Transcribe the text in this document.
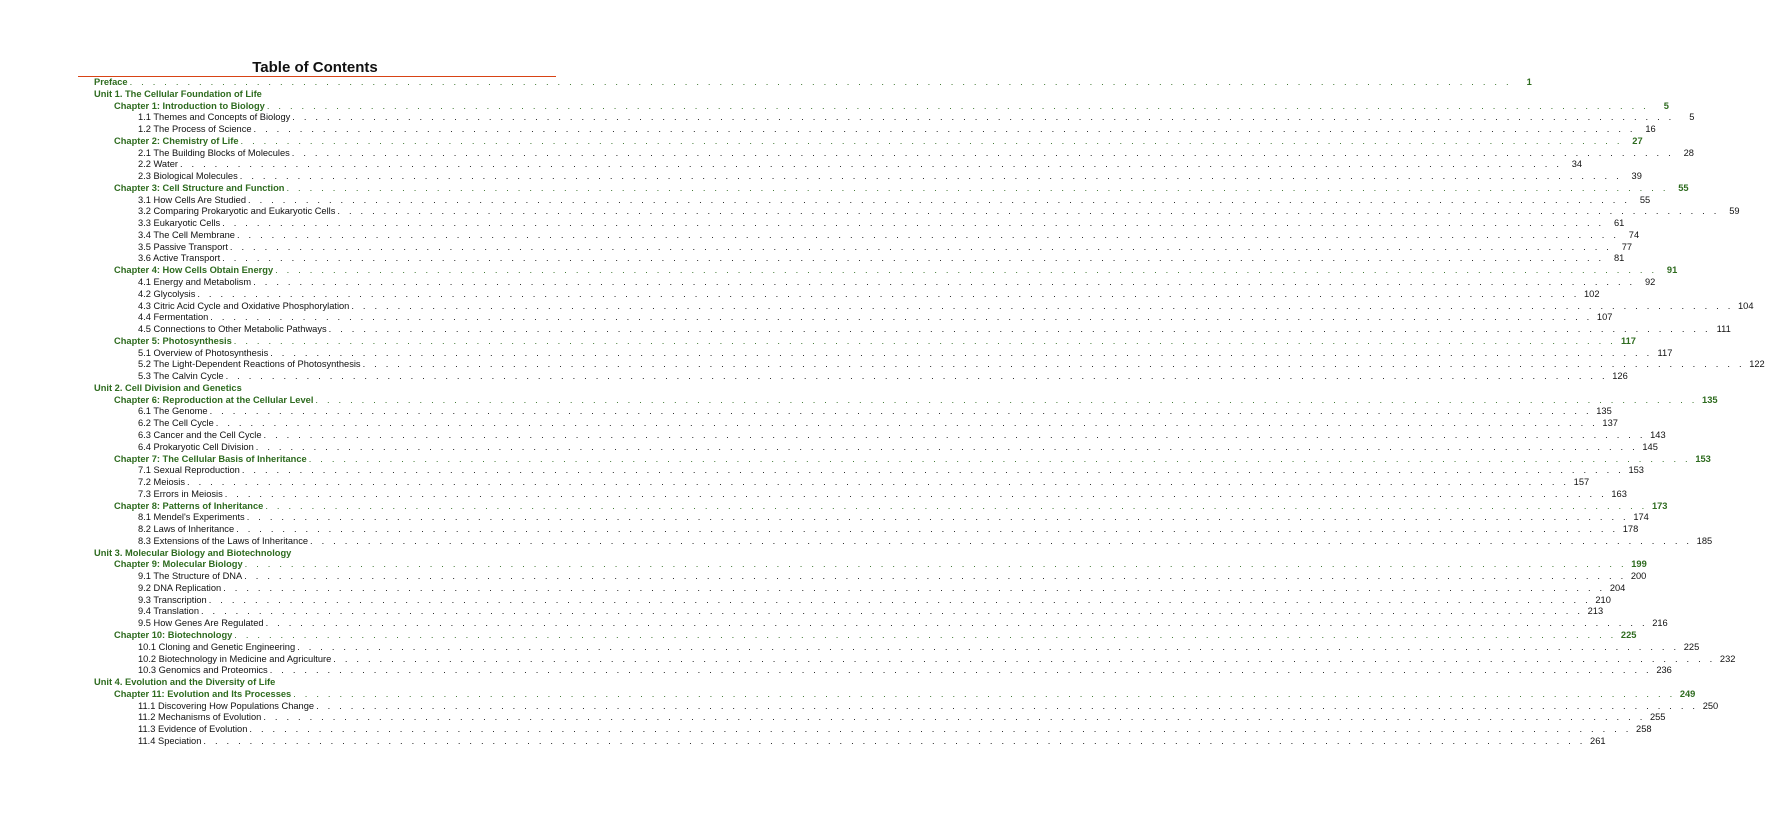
Table of Contents
Preface . . . . . . . . . . . . . . . . . . . . . . . . . . . . . . . . . . . . . . . . . . . . . . . . . . . . . . . . . . . . . . . . . . . . . . . . . . . . . . . . . . . . . . . . . . . . . . . . . . . . . . . . . . . . . . . . . . . . . . . .	1
Unit 1. The Cellular Foundation of Life
Chapter 1: Introduction to Biology . . . . . . . . . . . . . . . . . . . . . . . . . . . . . . . . . . . . . . . . . . . . . . . . . . . . . . . . . . . . . . . . . . . . . . . . . . . . . . . . . . . . . . . . . . . . . . . . . . . . . . . . . . . . . . . . . . . . . . . .	5
1.1 Themes and Concepts of Biology . . . . . . . . . . . . . . . . . . . . . . . . . . . . . . . . . . . . . . . . . . . . . . . . . . . . . . . . . . . . . . . . . . . . . . . . . . . . . . . . . . . . . . . . . . . . . . . . . . . . . . . . . . . . . . . . . . . . . . . .	5
1.2 The Process of Science . . . . . . . . . . . . . . . . . . . . . . . . . . . . . . . . . . . . . . . . . . . . . . . . . . . . . . . . . . . . . . . . . . . . . . . . . . . . . . . . . . . . . . . . . . . . . . . . . . . . . . . . . . . . . . . . . . . . . . . .	16
Chapter 2: Chemistry of Life . . . . . . . . . . . . . . . . . . . . . . . . . . . . . . . . . . . . . . . . . . . . . . . . . . . . . . . . . . . . . . . . . . . . . . . . . . . . . . . . . . . . . . . . . . . . . . . . . . . . . . . . . . . . . . . . . . . . . . . .	27
2.1 The Building Blocks of Molecules . . . . . . . . . . . . . . . . . . . . . . . . . . . . . . . . . . . . . . . . . . . . . . . . . . . . . . . . . . . . . . . . . . . . . . . . . . . . . . . . . . . . . . . . . . . . . . . . . . . . . . . . . . . . . . . . . . . . . . . .	28
2.2 Water . . . . . . . . . . . . . . . . . . . . . . . . . . . . . . . . . . . . . . . . . . . . . . . . . . . . . . . . . . . . . . . . . . . . . . . . . . . . . . . . . . . . . . . . . . . . . . . . . . . . . . . . . . . . . . . . . . . . . . . .	34
2.3 Biological Molecules . . . . . . . . . . . . . . . . . . . . . . . . . . . . . . . . . . . . . . . . . . . . . . . . . . . . . . . . . . . . . . . . . . . . . . . . . . . . . . . . . . . . . . . . . . . . . . . . . . . . . . . . . . . . . . . . . . . . . . . .	39
Chapter 3: Cell Structure and Function . . . . . . . . . . . . . . . . . . . . . . . . . . . . . . . . . . . . . . . . . . . . . . . . . . . . . . . . . . . . . . . . . . . . . . . . . . . . . . . . . . . . . . . . . . . . . . . . . . . . . . . . . . . . . . . . . . . . . . . .	55
3.1 How Cells Are Studied . . . . . . . . . . . . . . . . . . . . . . . . . . . . . . . . . . . . . . . . . . . . . . . . . . . . . . . . . . . . . . . . . . . . . . . . . . . . . . . . . . . . . . . . . . . . . . . . . . . . . . . . . . . . . . . . . . . . . . . .	55
3.2 Comparing Prokaryotic and Eukaryotic Cells . . . . . . . . . . . . . . . . . . . . . . . . . . . . . . . . . . . . . . . . . . . . . . . . . . . . . . . . . . . . . . . . . . . . . . . . . . . . . . . . . . . . . . . . . . . . . . . . . . . . . . . . . . . . . . . . . . . . . . . .	59
3.3 Eukaryotic Cells . . . . . . . . . . . . . . . . . . . . . . . . . . . . . . . . . . . . . . . . . . . . . . . . . . . . . . . . . . . . . . . . . . . . . . . . . . . . . . . . . . . . . . . . . . . . . . . . . . . . . . . . . . . . . . . . . . . . . . . .	61
3.4 The Cell Membrane . . . . . . . . . . . . . . . . . . . . . . . . . . . . . . . . . . . . . . . . . . . . . . . . . . . . . . . . . . . . . . . . . . . . . . . . . . . . . . . . . . . . . . . . . . . . . . . . . . . . . . . . . . . . . . . . . . . . . . . .	74
3.5 Passive Transport . . . . . . . . . . . . . . . . . . . . . . . . . . . . . . . . . . . . . . . . . . . . . . . . . . . . . . . . . . . . . . . . . . . . . . . . . . . . . . . . . . . . . . . . . . . . . . . . . . . . . . . . . . . . . . . . . . . . . . . .	77
3.6 Active Transport . . . . . . . . . . . . . . . . . . . . . . . . . . . . . . . . . . . . . . . . . . . . . . . . . . . . . . . . . . . . . . . . . . . . . . . . . . . . . . . . . . . . . . . . . . . . . . . . . . . . . . . . . . . . . . . . . . . . . . . .	81
Chapter 4: How Cells Obtain Energy . . . . . . . . . . . . . . . . . . . . . . . . . . . . . . . . . . . . . . . . . . . . . . . . . . . . . . . . . . . . . . . . . . . . . . . . . . . . . . . . . . . . . . . . . . . . . . . . . . . . . . . . . . . . . . . . . . . . . . . .	91
4.1 Energy and Metabolism . . . . . . . . . . . . . . . . . . . . . . . . . . . . . . . . . . . . . . . . . . . . . . . . . . . . . . . . . . . . . . . . . . . . . . . . . . . . . . . . . . . . . . . . . . . . . . . . . . . . . . . . . . . . . . . . . . . . . . . .	92
4.2 Glycolysis . . . . . . . . . . . . . . . . . . . . . . . . . . . . . . . . . . . . . . . . . . . . . . . . . . . . . . . . . . . . . . . . . . . . . . . . . . . . . . . . . . . . . . . . . . . . . . . . . . . . . . . . . . . . . . . . . . . . . . . . 102
4.3 Citric Acid Cycle and Oxidative Phosphorylation . . . . . . . . . . . . . . . . . . . . . . . . . . . . . . . . . . . . . . . . . . . . . . . . . . . . . . . . . . . . . . . . . . . . . . . . . . . . . . . . . . . . . . . . . . . . . . . . . . . . . . . . . . . . . . . . . . . . . . . . 104
4.4 Fermentation . . . . . . . . . . . . . . . . . . . . . . . . . . . . . . . . . . . . . . . . . . . . . . . . . . . . . . . . . . . . . . . . . . . . . . . . . . . . . . . . . . . . . . . . . . . . . . . . . . . . . . . . . . . . . . . . . . . . . . . . 107
4.5 Connections to Other Metabolic Pathways . . . . . . . . . . . . . . . . . . . . . . . . . . . . . . . . . . . . . . . . . . . . . . . . . . . . . . . . . . . . . . . . . . . . . . . . . . . . . . . . . . . . . . . . . . . . . . . . . . . . . . . . . . . . . . . . . . . . . . . . 111
Chapter 5: Photosynthesis . . . . . . . . . . . . . . . . . . . . . . . . . . . . . . . . . . . . . . . . . . . . . . . . . . . . . . . . . . . . . . . . . . . . . . . . . . . . . . . . . . . . . . . . . . . . . . . . . . . . . . . . . . . . . . . . . . . . . . . . 117
5.1 Overview of Photosynthesis . . . . . . . . . . . . . . . . . . . . . . . . . . . . . . . . . . . . . . . . . . . . . . . . . . . . . . . . . . . . . . . . . . . . . . . . . . . . . . . . . . . . . . . . . . . . . . . . . . . . . . . . . . . . . . . . . . . . . . . . 117
5.2 The Light-Dependent Reactions of Photosynthesis . . . . . . . . . . . . . . . . . . . . . . . . . . . . . . . . . . . . . . . . . . . . . . . . . . . . . . . . . . . . . . . . . . . . . . . . . . . . . . . . . . . . . . . . . . . . . . . . . . . . . . . . . . . . . . . . . . . . . . . . 122
5.3 The Calvin Cycle . . . . . . . . . . . . . . . . . . . . . . . . . . . . . . . . . . . . . . . . . . . . . . . . . . . . . . . . . . . . . . . . . . . . . . . . . . . . . . . . . . . . . . . . . . . . . . . . . . . . . . . . . . . . . . . . . . . . . . . . 126
Unit 2. Cell Division and Genetics
Chapter 6: Reproduction at the Cellular Level . . . . . . . . . . . . . . . . . . . . . . . . . . . . . . . . . . . . . . . . . . . . . . . . . . . . . . . . . . . . . . . . . . . . . . . . . . . . . . . . . . . . . . . . . . . . . . . . . . . . . . . . . . . . . . . . . . . . . . . . 135
6.1 The Genome . . . . . . . . . . . . . . . . . . . . . . . . . . . . . . . . . . . . . . . . . . . . . . . . . . . . . . . . . . . . . . . . . . . . . . . . . . . . . . . . . . . . . . . . . . . . . . . . . . . . . . . . . . . . . . . . . . . . . . . . 135
6.2 The Cell Cycle . . . . . . . . . . . . . . . . . . . . . . . . . . . . . . . . . . . . . . . . . . . . . . . . . . . . . . . . . . . . . . . . . . . . . . . . . . . . . . . . . . . . . . . . . . . . . . . . . . . . . . . . . . . . . . . . . . . . . . . . 137
6.3 Cancer and the Cell Cycle . . . . . . . . . . . . . . . . . . . . . . . . . . . . . . . . . . . . . . . . . . . . . . . . . . . . . . . . . . . . . . . . . . . . . . . . . . . . . . . . . . . . . . . . . . . . . . . . . . . . . . . . . . . . . . . . . . . . . . . . 143
6.4 Prokaryotic Cell Division . . . . . . . . . . . . . . . . . . . . . . . . . . . . . . . . . . . . . . . . . . . . . . . . . . . . . . . . . . . . . . . . . . . . . . . . . . . . . . . . . . . . . . . . . . . . . . . . . . . . . . . . . . . . . . . . . . . . . . . . 145
Chapter 7: The Cellular Basis of Inheritance . . . . . . . . . . . . . . . . . . . . . . . . . . . . . . . . . . . . . . . . . . . . . . . . . . . . . . . . . . . . . . . . . . . . . . . . . . . . . . . . . . . . . . . . . . . . . . . . . . . . . . . . . . . . . . . . . . . . . . . . 153
7.1 Sexual Reproduction . . . . . . . . . . . . . . . . . . . . . . . . . . . . . . . . . . . . . . . . . . . . . . . . . . . . . . . . . . . . . . . . . . . . . . . . . . . . . . . . . . . . . . . . . . . . . . . . . . . . . . . . . . . . . . . . . . . . . . . . 153
7.2 Meiosis . . . . . . . . . . . . . . . . . . . . . . . . . . . . . . . . . . . . . . . . . . . . . . . . . . . . . . . . . . . . . . . . . . . . . . . . . . . . . . . . . . . . . . . . . . . . . . . . . . . . . . . . . . . . . . . . . . . . . . . . 157
7.3 Errors in Meiosis . . . . . . . . . . . . . . . . . . . . . . . . . . . . . . . . . . . . . . . . . . . . . . . . . . . . . . . . . . . . . . . . . . . . . . . . . . . . . . . . . . . . . . . . . . . . . . . . . . . . . . . . . . . . . . . . . . . . . . . . 163
Chapter 8: Patterns of Inheritance . . . . . . . . . . . . . . . . . . . . . . . . . . . . . . . . . . . . . . . . . . . . . . . . . . . . . . . . . . . . . . . . . . . . . . . . . . . . . . . . . . . . . . . . . . . . . . . . . . . . . . . . . . . . . . . . . . . . . . . . 173
8.1 Mendel's Experiments . . . . . . . . . . . . . . . . . . . . . . . . . . . . . . . . . . . . . . . . . . . . . . . . . . . . . . . . . . . . . . . . . . . . . . . . . . . . . . . . . . . . . . . . . . . . . . . . . . . . . . . . . . . . . . . . . . . . . . . . 174
8.2 Laws of Inheritance . . . . . . . . . . . . . . . . . . . . . . . . . . . . . . . . . . . . . . . . . . . . . . . . . . . . . . . . . . . . . . . . . . . . . . . . . . . . . . . . . . . . . . . . . . . . . . . . . . . . . . . . . . . . . . . . . . . . . . . . 178
8.3 Extensions of the Laws of Inheritance . . . . . . . . . . . . . . . . . . . . . . . . . . . . . . . . . . . . . . . . . . . . . . . . . . . . . . . . . . . . . . . . . . . . . . . . . . . . . . . . . . . . . . . . . . . . . . . . . . . . . . . . . . . . . . . . . . . . . . . . 185
Unit 3. Molecular Biology and Biotechnology
Chapter 9: Molecular Biology . . . . . . . . . . . . . . . . . . . . . . . . . . . . . . . . . . . . . . . . . . . . . . . . . . . . . . . . . . . . . . . . . . . . . . . . . . . . . . . . . . . . . . . . . . . . . . . . . . . . . . . . . . . . . . . . . . . . . . . . 199
9.1 The Structure of DNA . . . . . . . . . . . . . . . . . . . . . . . . . . . . . . . . . . . . . . . . . . . . . . . . . . . . . . . . . . . . . . . . . . . . . . . . . . . . . . . . . . . . . . . . . . . . . . . . . . . . . . . . . . . . . . . . . . . . . . . . 200
9.2 DNA Replication . . . . . . . . . . . . . . . . . . . . . . . . . . . . . . . . . . . . . . . . . . . . . . . . . . . . . . . . . . . . . . . . . . . . . . . . . . . . . . . . . . . . . . . . . . . . . . . . . . . . . . . . . . . . . . . . . . . . . . . . 204
9.3 Transcription . . . . . . . . . . . . . . . . . . . . . . . . . . . . . . . . . . . . . . . . . . . . . . . . . . . . . . . . . . . . . . . . . . . . . . . . . . . . . . . . . . . . . . . . . . . . . . . . . . . . . . . . . . . . . . . . . . . . . . . . 210
9.4 Translation . . . . . . . . . . . . . . . . . . . . . . . . . . . . . . . . . . . . . . . . . . . . . . . . . . . . . . . . . . . . . . . . . . . . . . . . . . . . . . . . . . . . . . . . . . . . . . . . . . . . . . . . . . . . . . . . . . . . . . . . 213
9.5 How Genes Are Regulated . . . . . . . . . . . . . . . . . . . . . . . . . . . . . . . . . . . . . . . . . . . . . . . . . . . . . . . . . . . . . . . . . . . . . . . . . . . . . . . . . . . . . . . . . . . . . . . . . . . . . . . . . . . . . . . . . . . . . . . . 216
Chapter 10: Biotechnology . . . . . . . . . . . . . . . . . . . . . . . . . . . . . . . . . . . . . . . . . . . . . . . . . . . . . . . . . . . . . . . . . . . . . . . . . . . . . . . . . . . . . . . . . . . . . . . . . . . . . . . . . . . . . . . . . . . . . . . . 225
10.1 Cloning and Genetic Engineering . . . . . . . . . . . . . . . . . . . . . . . . . . . . . . . . . . . . . . . . . . . . . . . . . . . . . . . . . . . . . . . . . . . . . . . . . . . . . . . . . . . . . . . . . . . . . . . . . . . . . . . . . . . . . . . . . . . . . . . . 225
10.2 Biotechnology in Medicine and Agriculture . . . . . . . . . . . . . . . . . . . . . . . . . . . . . . . . . . . . . . . . . . . . . . . . . . . . . . . . . . . . . . . . . . . . . . . . . . . . . . . . . . . . . . . . . . . . . . . . . . . . . . . . . . . . . . . . . . . . . . . . 232
10.3 Genomics and Proteomics . . . . . . . . . . . . . . . . . . . . . . . . . . . . . . . . . . . . . . . . . . . . . . . . . . . . . . . . . . . . . . . . . . . . . . . . . . . . . . . . . . . . . . . . . . . . . . . . . . . . . . . . . . . . . . . . . . . . . . . . 236
Unit 4. Evolution and the Diversity of Life
Chapter 11: Evolution and Its Processes . . . . . . . . . . . . . . . . . . . . . . . . . . . . . . . . . . . . . . . . . . . . . . . . . . . . . . . . . . . . . . . . . . . . . . . . . . . . . . . . . . . . . . . . . . . . . . . . . . . . . . . . . . . . . . . . . . . . . . . . 249
11.1 Discovering How Populations Change . . . . . . . . . . . . . . . . . . . . . . . . . . . . . . . . . . . . . . . . . . . . . . . . . . . . . . . . . . . . . . . . . . . . . . . . . . . . . . . . . . . . . . . . . . . . . . . . . . . . . . . . . . . . . . . . . . . . . . . . 250
11.2 Mechanisms of Evolution . . . . . . . . . . . . . . . . . . . . . . . . . . . . . . . . . . . . . . . . . . . . . . . . . . . . . . . . . . . . . . . . . . . . . . . . . . . . . . . . . . . . . . . . . . . . . . . . . . . . . . . . . . . . . . . . . . . . . . . . 255
11.3 Evidence of Evolution . . . . . . . . . . . . . . . . . . . . . . . . . . . . . . . . . . . . . . . . . . . . . . . . . . . . . . . . . . . . . . . . . . . . . . . . . . . . . . . . . . . . . . . . . . . . . . . . . . . . . . . . . . . . . . . . . . . . . . . . 258
11.4 Speciation . . . . . . . . . . . . . . . . . . . . . . . . . . . . . . . . . . . . . . . . . . . . . . . . . . . . . . . . . . . . . . . . . . . . . . . . . . . . . . . . . . . . . . . . . . . . . . . . . . . . . . . . . . . . . . . . . . . . . . . . 261
